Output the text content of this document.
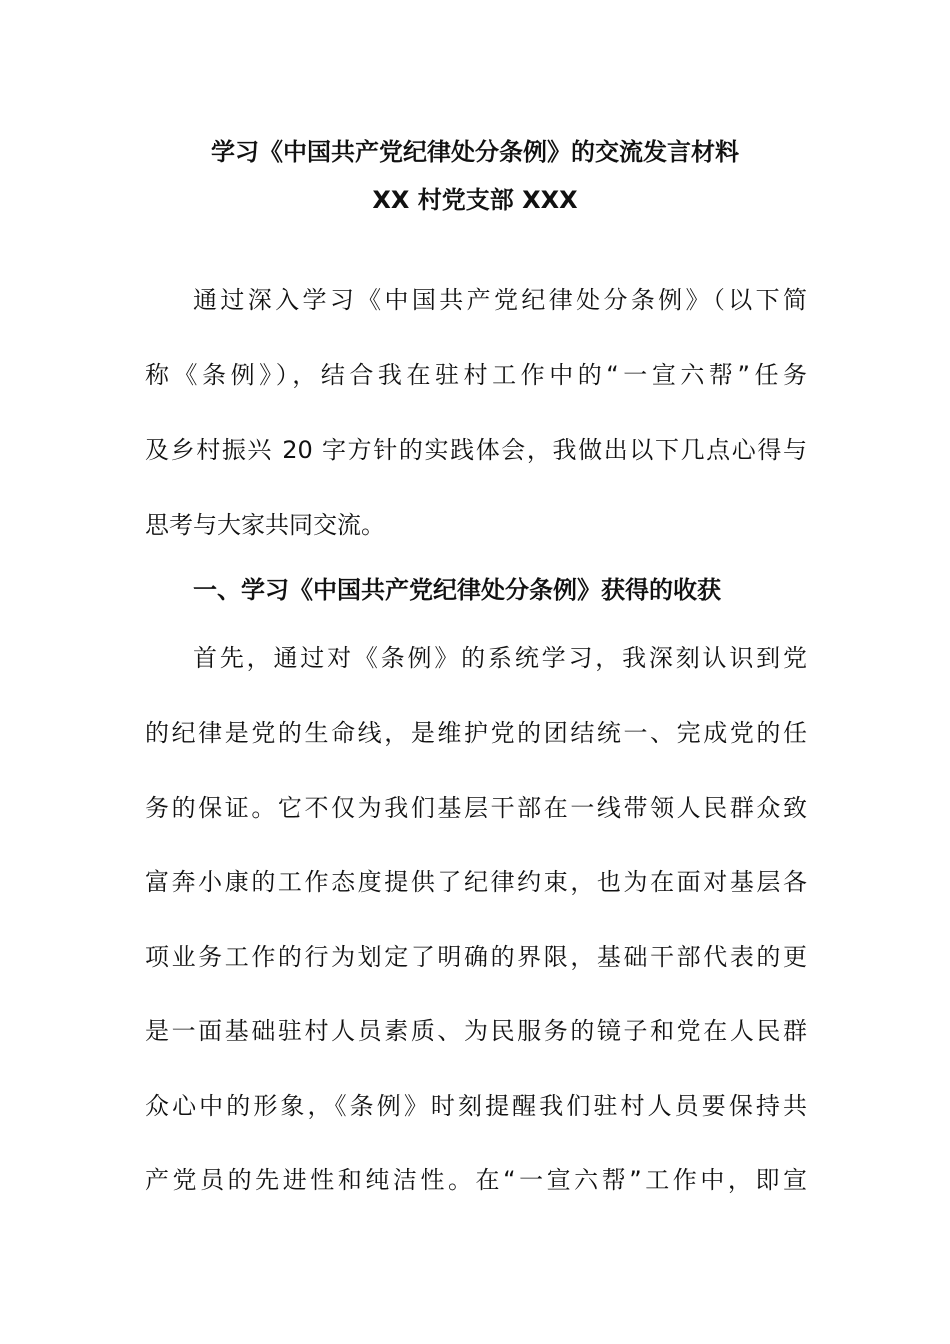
学习《中国共产党纪律处分条例》的交流发言材料
XX 村党支部 XXX
通过深入学习《中国共产党纪律处分条例》（以下简
称《条例》），结合我在驻村工作中的“一宣六帮”任务
及乡村振兴 20 字方针的实践体会，我做出以下几点心得与
思考与大家共同交流。
一、学习《中国共产党纪律处分条例》获得的收获
首先，通过对《条例》的系统学习，我深刻认识到党
的纪律是党的生命线，是维护党的团结统一、完成党的任
务的保证。它不仅为我们基层干部在一线带领人民群众致
富奔小康的工作态度提供了纪律约束，也为在面对基层各
项业务工作的行为划定了明确的界限，基础干部代表的更
是一面基础驻村人员素质、为民服务的镜子和党在人民群
众心中的形象，《条例》时刻提醒我们驻村人员要保持共
产党员的先进性和纯洁性。在“一宣六帮”工作中，即宣
